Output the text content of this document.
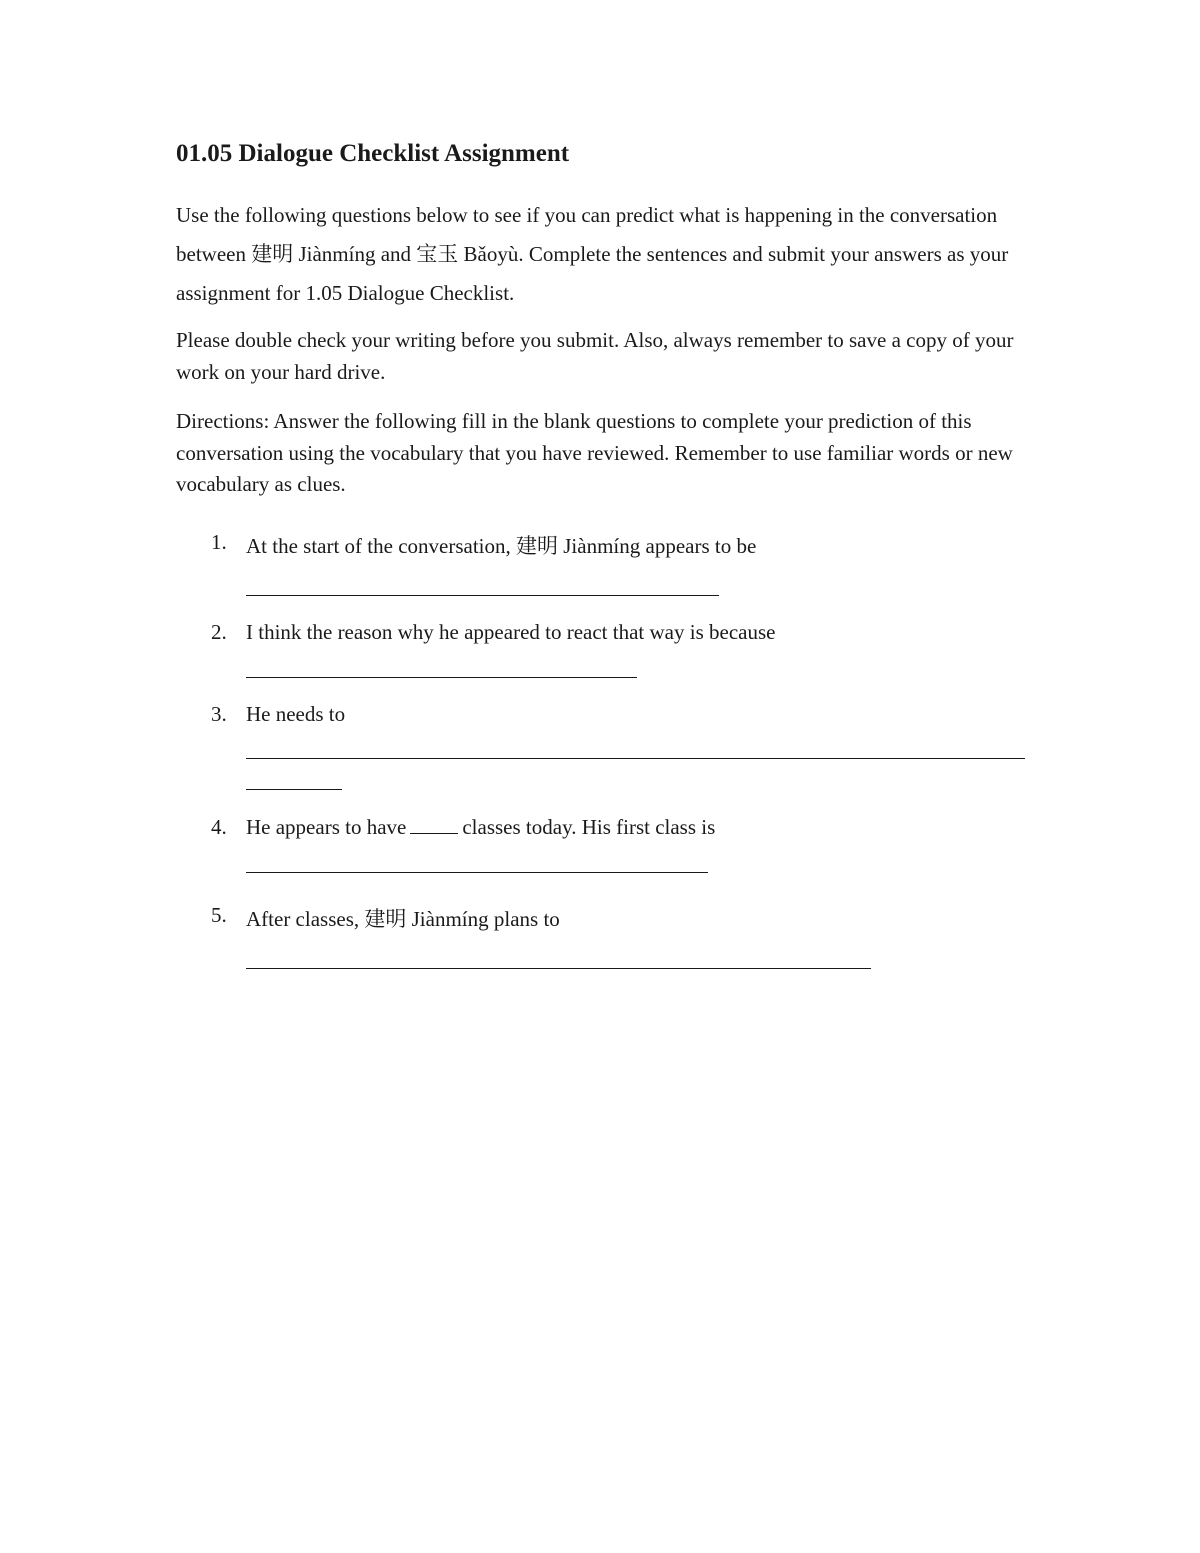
01.05 Dialogue Checklist Assignment

Use the following questions below to see if you can predict what is happening in the conversation between 建明 Jiànmíng and 宝玉 Bǎoyù. Complete the sentences and submit your answers as your assignment for 1.05 Dialogue Checklist.

Please double check your writing before you submit. Also, always remember to save a copy of your work on your hard drive.

Directions: Answer the following fill in the blank questions to complete your prediction of this conversation using the vocabulary that you have reviewed. Remember to use familiar words or new vocabulary as clues.

1. At the start of the conversation, 建明 Jiànmíng appears to be
2. I think the reason why he appeared to react that way is because
3. He needs to
4. He appears to have	classes today. His first class is
5. After classes, 建明 Jiànmíng plans to
